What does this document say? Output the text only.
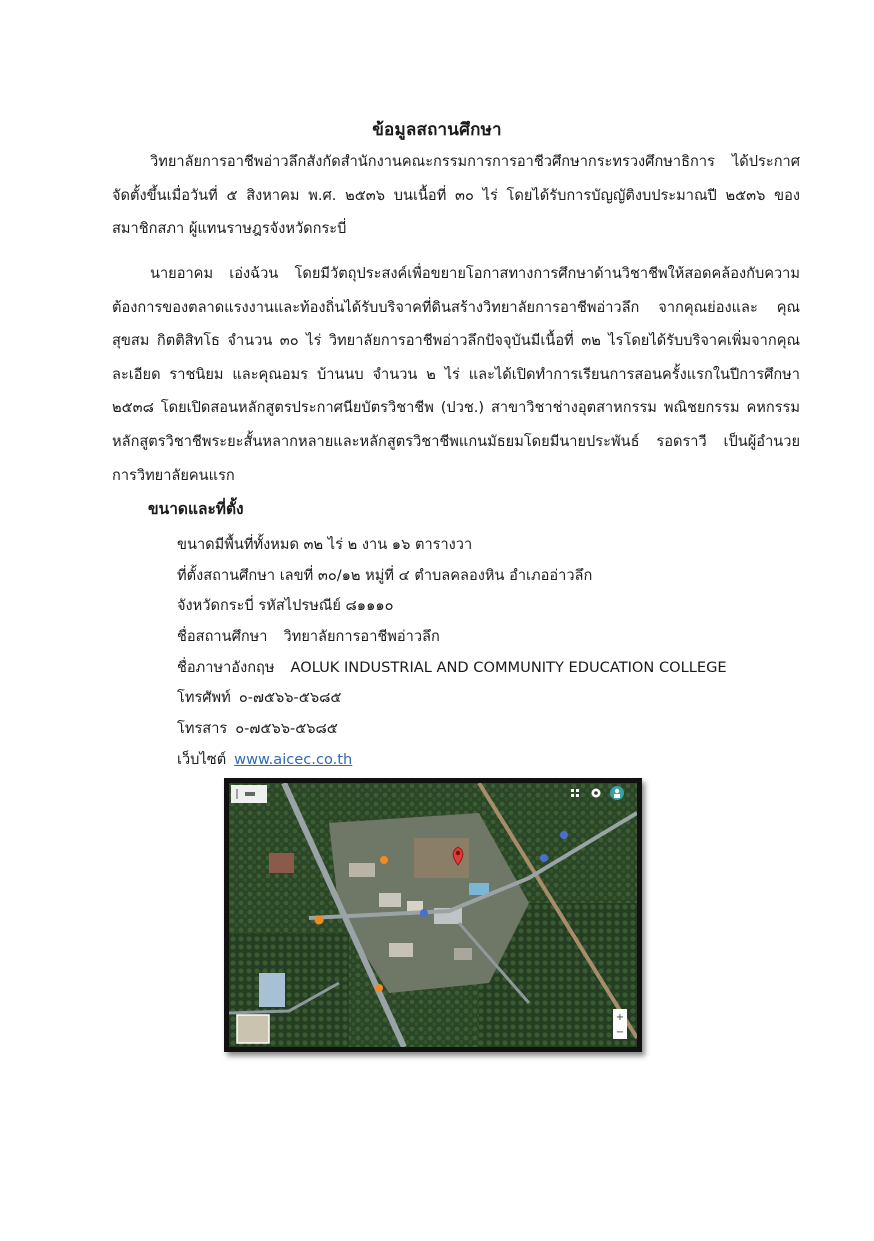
ข้อมูลสถานศึกษา

วิทยาลัยการอาชีพอ่าวลึกสังกัดสำนักงานคณะกรรมการการอาชีวศึกษากระทรวงศึกษาธิการ ได้ประกาศจัดตั้งขึ้นเมื่อวันที่ ๕ สิงหาคม พ.ศ. ๒๕๓๖ บนเนื้อที่ ๓๐ ไร่ โดยได้รับการบัญญัติงบประมาณปี ๒๕๓๖ ของสมาชิกสภา ผู้แทนราษฎรจังหวัดกระบี่

นายอาคม เอ่งฉ้วน โดยมีวัตถุประสงค์เพื่อขยายโอกาสทางการศึกษาด้านวิชาชีพให้สอดคล้องกับความต้องการของตลาดแรงงานและท้องถิ่นได้รับบริจาคที่ดินสร้างวิทยาลัยการอาชีพอ่าวลึก จากคุณย่องและ คุณสุขสม กิตติสิทโธ จำนวน ๓๐ ไร่ วิทยาลัยการอาชีพอ่าวลึกปัจจุบันมีเนื้อที่ ๓๒ ไรโดยได้รับบริจาคเพิ่มจากคุณละเอียด ราชนิยม และคุณอมร บ้านนบ จำนวน ๒ ไร่ และได้เปิดทำการเรียนการสอนครั้งแรกในปีการศึกษา ๒๕๓๘ โดยเปิดสอนหลักสูตรประกาศนียบัตรวิชาชีพ (ปวช.) สาขาวิชาช่างอุตสาหกรรม พณิชยกรรม คหกรรม หลักสูตรวิชาชีพระยะสั้นหลากหลายและหลักสูตรวิชาชีพแกนมัธยมโดยมีนายประพันธ์ รอดราวี เป็นผู้อำนวยการวิทยาลัยคนแรก

ขนาดและที่ตั้ง
ขนาดมีพื้นที่ทั้งหมด ๓๒ ไร่ ๒ งาน ๑๖ ตารางวา
ที่ตั้งสถานศึกษา เลขที่ ๓๐/๑๒ หมู่ที่ ๔ ตำบลคลองหิน อำเภออ่าวลึก
จังหวัดกระบี่ รหัสไปรษณีย์ ๘๑๑๑๐
ชื่อสถานศึกษา วิทยาลัยการอาชีพอ่าวลึก
ชื่อภาษาอังกฤษ AOLUK INDUSTRIAL AND COMMUNITY EDUCATION COLLEGE
โทรศัพท์ ๐-๗๕๖๖-๕๖๘๕
โทรสาร ๐-๗๕๖๖-๕๖๘๕
เว็บไซต์ www.aicec.co.th
+
−
